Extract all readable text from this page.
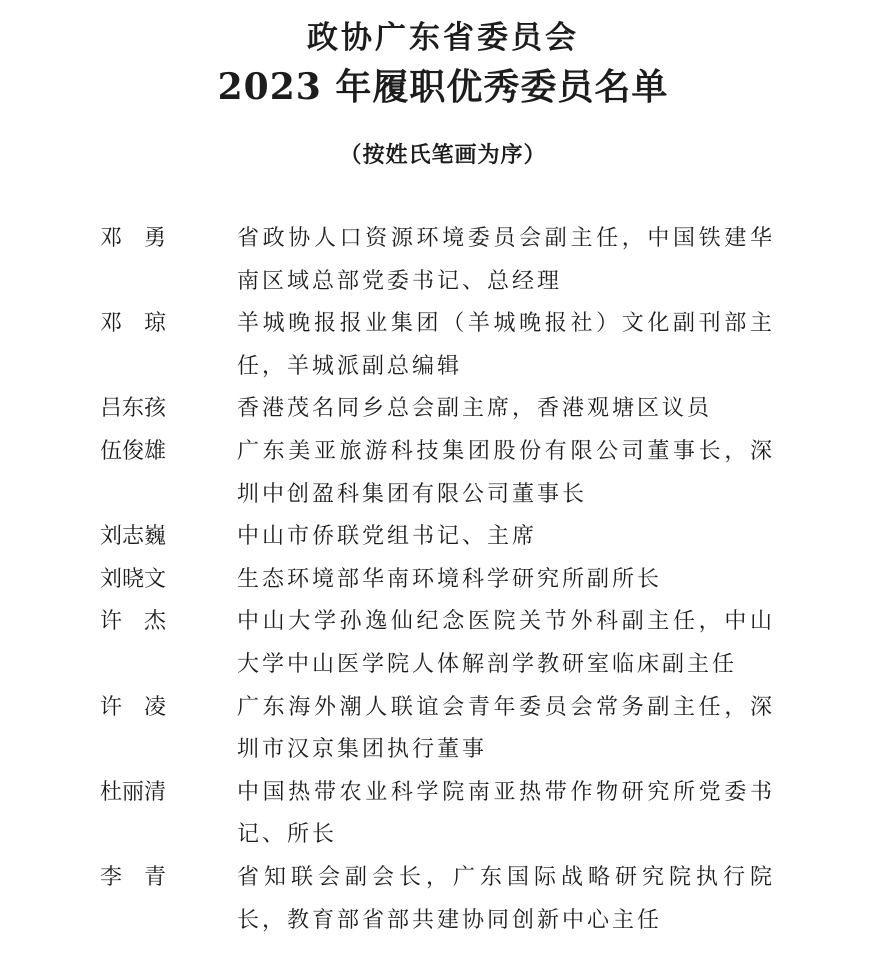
政协广东省委员会
2023 年履职优秀委员名单
（按姓氏笔画为序）
邓　勇	省政协人口资源环境委员会副主任，中国铁建华南区域总部党委书记、总经理
邓　琼	羊城晚报报业集团（羊城晚报社）文化副刊部主任，羊城派副总编辑
吕东孩	香港茂名同乡总会副主席，香港观塘区议员
伍俊雄	广东美亚旅游科技集团股份有限公司董事长，深圳中创盈科集团有限公司董事长
刘志巍	中山市侨联党组书记、主席
刘晓文	生态环境部华南环境科学研究所副所长
许　杰	中山大学孙逸仙纪念医院关节外科副主任，中山大学中山医学院人体解剖学教研室临床副主任
许　凌	广东海外潮人联谊会青年委员会常务副主任，深圳市汉京集团执行董事
杜丽清	中国热带农业科学院南亚热带作物研究所党委书记、所长
李　青	省知联会副会长，广东国际战略研究院执行院长，教育部省部共建协同创新中心主任
